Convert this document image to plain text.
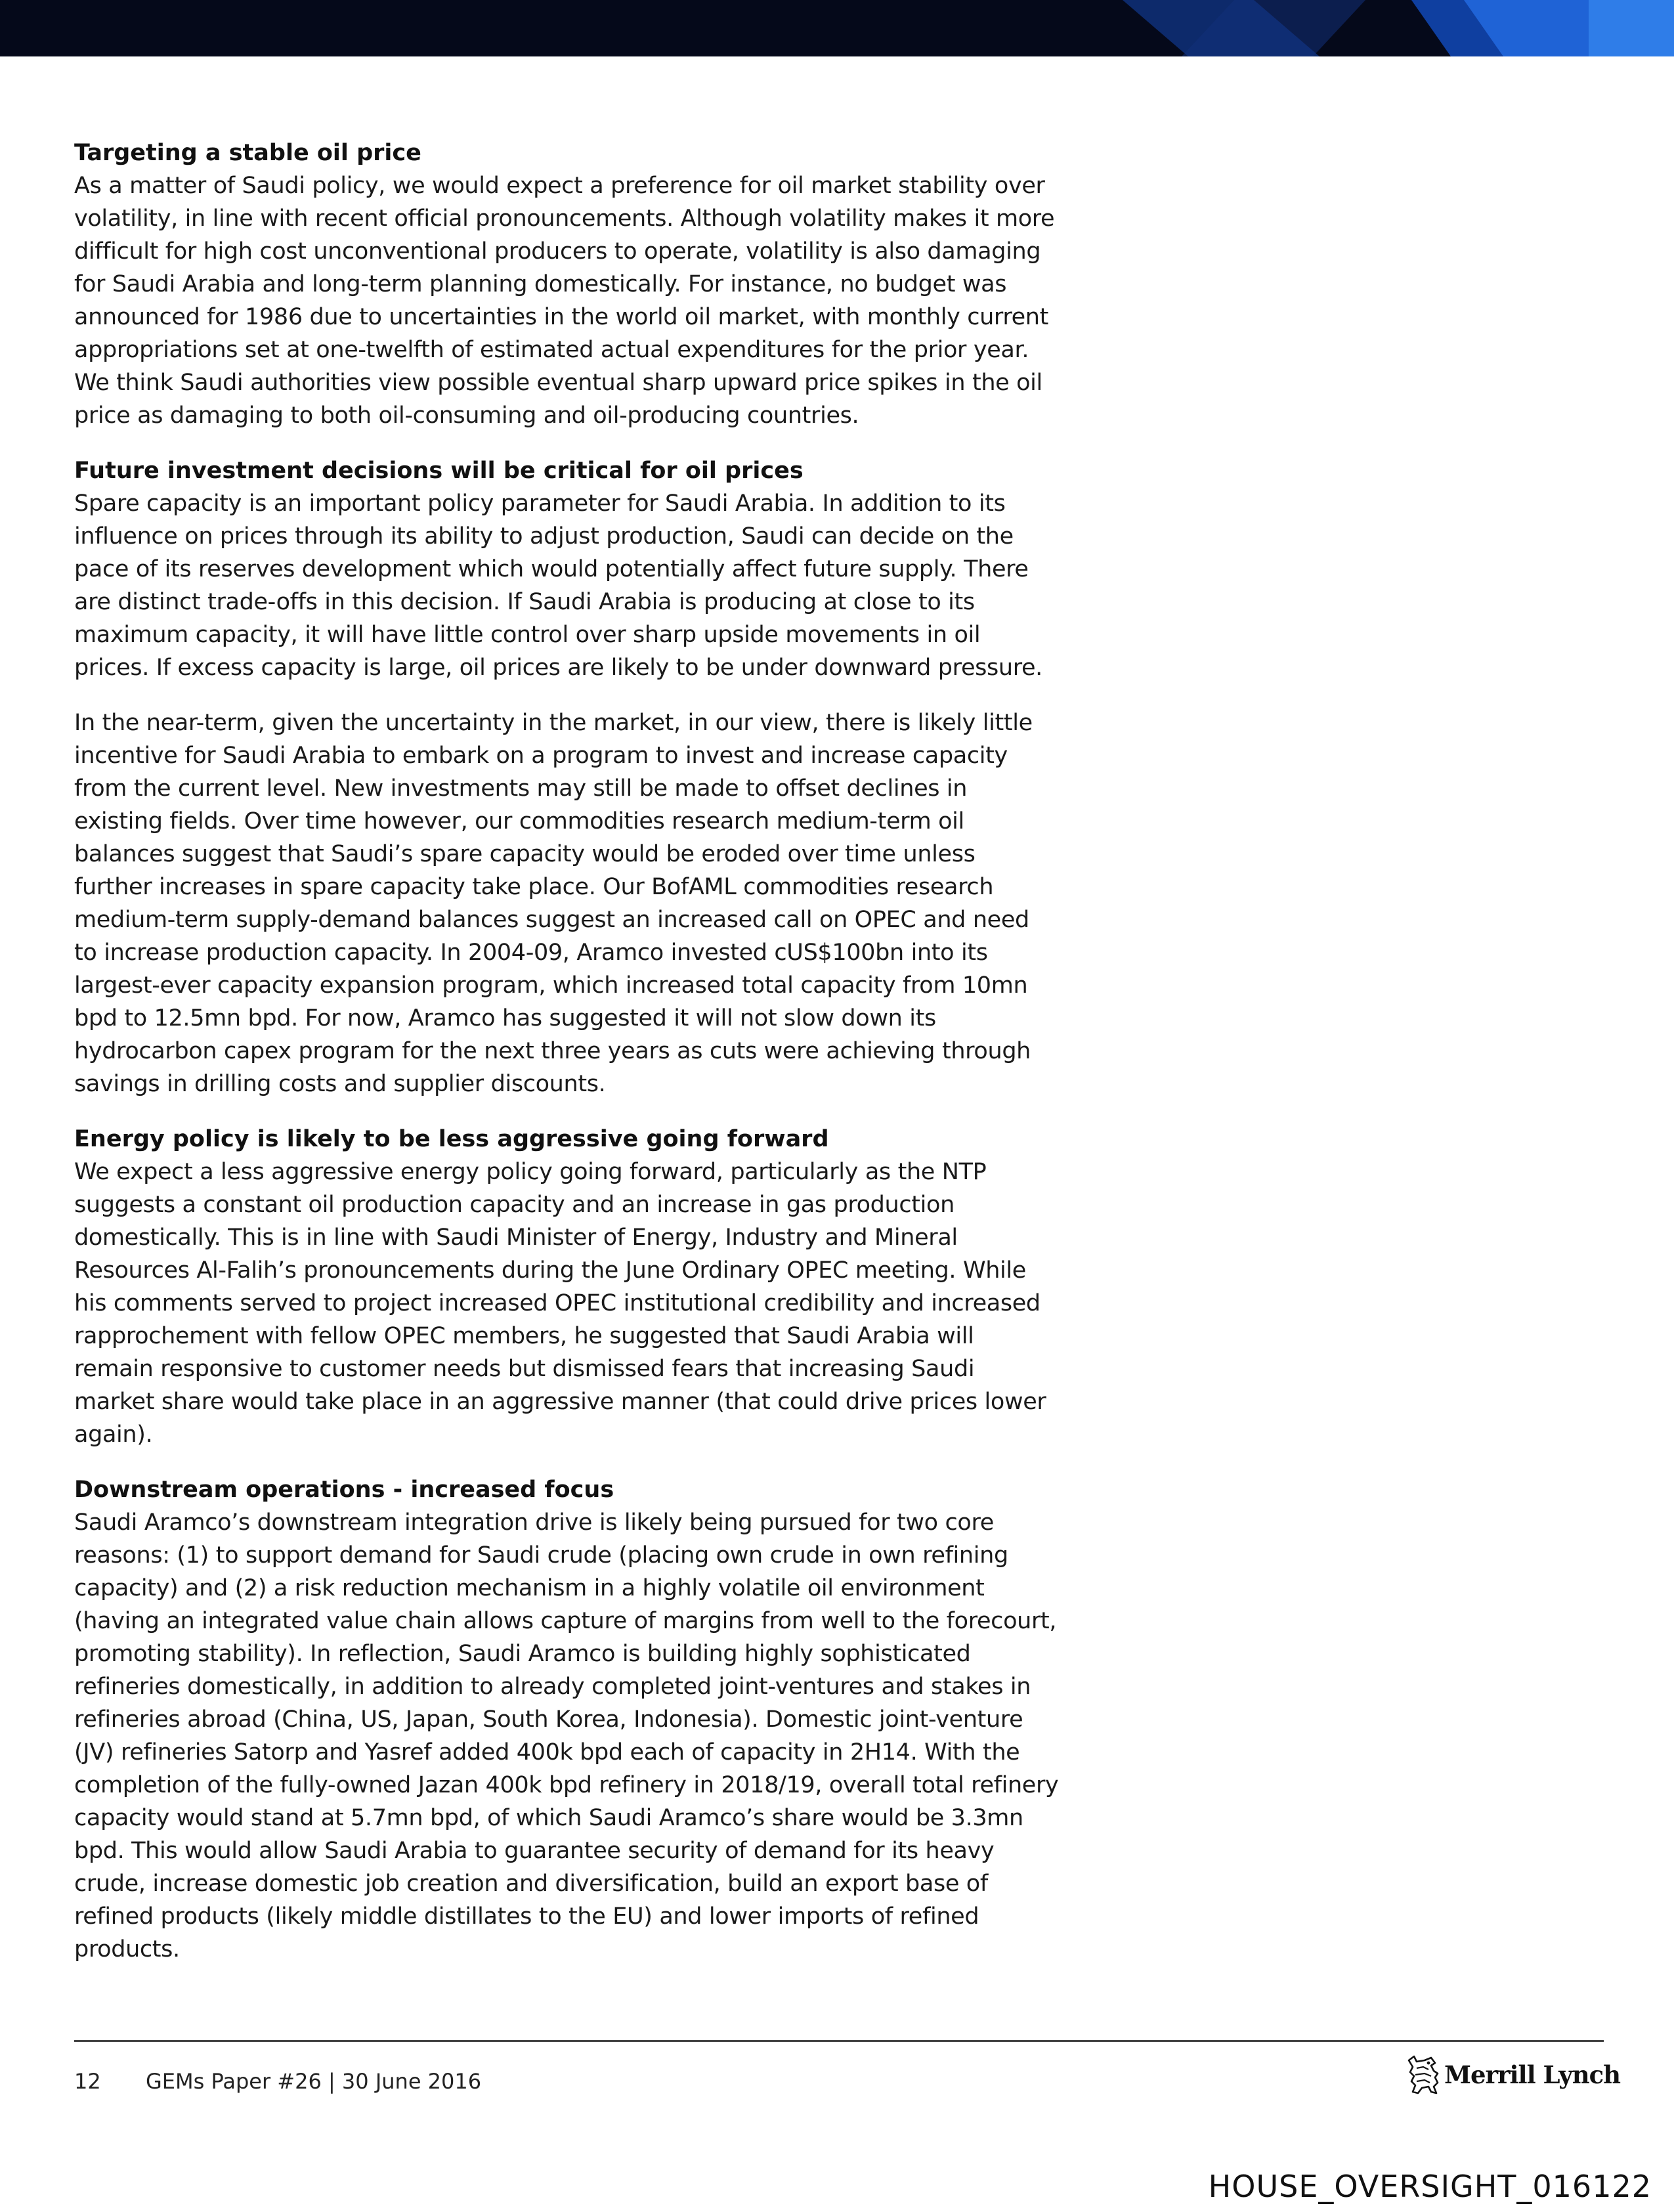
Targeting a stable oil price

As a matter of Saudi policy, we would expect a preference for oil market stability over volatility, in line with recent official pronouncements. Although volatility makes it more difficult for high cost unconventional producers to operate, volatility is also damaging for Saudi Arabia and long-term planning domestically. For instance, no budget was announced for 1986 due to uncertainties in the world oil market, with monthly current appropriations set at one-twelfth of estimated actual expenditures for the prior year. We think Saudi authorities view possible eventual sharp upward price spikes in the oil price as damaging to both oil-consuming and oil-producing countries.

Future investment decisions will be critical for oil prices

Spare capacity is an important policy parameter for Saudi Arabia. In addition to its influence on prices through its ability to adjust production, Saudi can decide on the pace of its reserves development which would potentially affect future supply. There are distinct trade-offs in this decision. If Saudi Arabia is producing at close to its maximum capacity, it will have little control over sharp upside movements in oil prices. If excess capacity is large, oil prices are likely to be under downward pressure.

In the near-term, given the uncertainty in the market, in our view, there is likely little incentive for Saudi Arabia to embark on a program to invest and increase capacity from the current level. New investments may still be made to offset declines in existing fields. Over time however, our commodities research medium-term oil balances suggest that Saudi’s spare capacity would be eroded over time unless further increases in spare capacity take place. Our BofAML commodities research medium-term supply-demand balances suggest an increased call on OPEC and need to increase production capacity. In 2004-09, Aramco invested cUS$100bn into its largest-ever capacity expansion program, which increased total capacity from 10mn bpd to 12.5mn bpd. For now, Aramco has suggested it will not slow down its hydrocarbon capex program for the next three years as cuts were achieving through savings in drilling costs and supplier discounts.

Energy policy is likely to be less aggressive going forward

We expect a less aggressive energy policy going forward, particularly as the NTP suggests a constant oil production capacity and an increase in gas production domestically. This is in line with Saudi Minister of Energy, Industry and Mineral Resources Al-Falih’s pronouncements during the June Ordinary OPEC meeting. While his comments served to project increased OPEC institutional credibility and increased rapprochement with fellow OPEC members, he suggested that Saudi Arabia will remain responsive to customer needs but dismissed fears that increasing Saudi market share would take place in an aggressive manner (that could drive prices lower again).

Downstream operations - increased focus

Saudi Aramco’s downstream integration drive is likely being pursued for two core reasons: (1) to support demand for Saudi crude (placing own crude in own refining capacity) and (2) a risk reduction mechanism in a highly volatile oil environment (having an integrated value chain allows capture of margins from well to the forecourt, promoting stability). In reflection, Saudi Aramco is building highly sophisticated refineries domestically, in addition to already completed joint-ventures and stakes in refineries abroad (China, US, Japan, South Korea, Indonesia). Domestic joint-venture (JV) refineries Satorp and Yasref added 400k bpd each of capacity in 2H14. With the completion of the fully-owned Jazan 400k bpd refinery in 2018/19, overall total refinery capacity would stand at 5.7mn bpd, of which Saudi Aramco’s share would be 3.3mn bpd. This would allow Saudi Arabia to guarantee security of demand for its heavy crude, increase domestic job creation and diversification, build an export base of refined products (likely middle distillates to the EU) and lower imports of refined products.

12 GEMs Paper #26 | 30 June 2016	Merrill Lynch
HOUSE_OVERSIGHT_016122
